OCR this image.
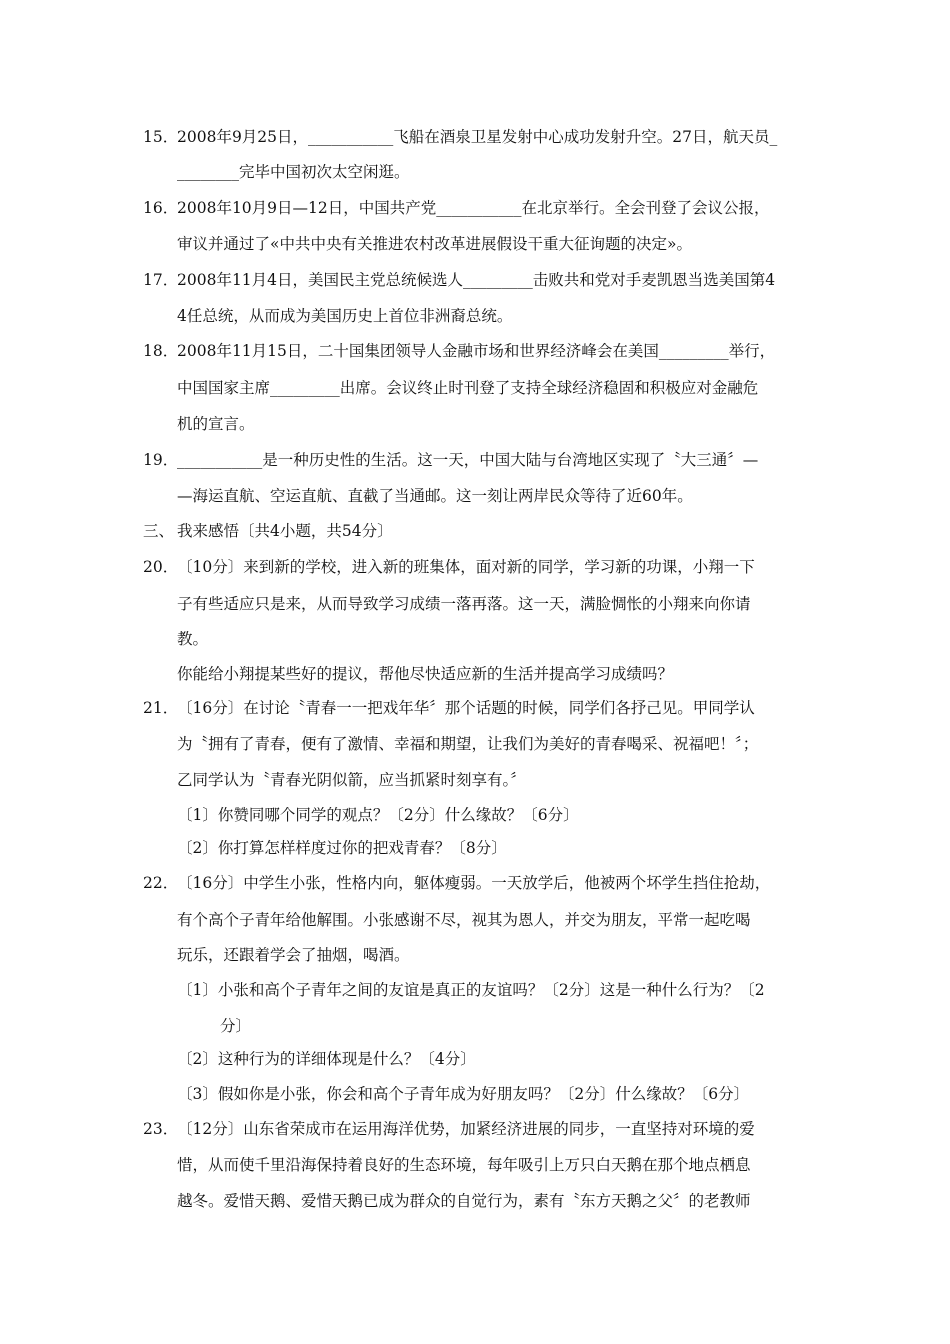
15．
2008年9月25日，___________飞船在酒泉卫星发射中心成功发射升空。27日，航天员_
________完毕中国初次太空闲逛。
16．
2008年10月9日—12日，中国共产党___________在北京举行。全会刊登了会议公报，
审议并通过了«中共中央有关推进农村改革进展假设干重大征询题的决定»。
17．
2008年11月4日，美国民主党总统候选人_________击败共和党对手麦凯恩当选美国第4
4任总统，从而成为美国历史上首位非洲裔总统。
18．
2008年11月15日，二十国集团领导人金融市场和世界经济峰会在美国_________举行，
中国国家主席_________出席。会议终止时刊登了支持全球经济稳固和积极应对金融危
机的宣言。
19．
___________是一种历史性的生活。这一天，中国大陆与台湾地区实现了〝大三通〞—
—海运直航、空运直航、直截了当通邮。这一刻让两岸民众等待了近60年。
三、 我来感悟〔共4小题，共54分〕
20．
〔10分〕来到新的学校，进入新的班集体，面对新的同学，学习新的功课，小翔一下
子有些适应只是来，从而导致学习成绩一落再落。这一天，满脸惆怅的小翔来向你请
教。
你能给小翔提某些好的提议，帮他尽快适应新的生活并提高学习成绩吗？
21．
〔16分〕在讨论〝青春一一把戏年华〞那个话题的时候，同学们各抒己见。甲同学认
为〝拥有了青春，便有了激情、幸福和期望，让我们为美好的青春喝采、祝福吧！〞；
乙同学认为〝青春光阴似箭，应当抓紧时刻享有。〞
〔1〕你赞同哪个同学的观点？〔2分〕什么缘故？〔6分〕
〔2〕你打算怎样样度过你的把戏青春？〔8分〕
22．
〔16分〕中学生小张，性格内向，躯体瘦弱。一天放学后，他被两个坏学生挡住抢劫，
有个高个子青年给他解围。小张感谢不尽，视其为恩人，并交为朋友，平常一起吃喝
玩乐，还跟着学会了抽烟，喝酒。
〔1〕小张和高个子青年之间的友谊是真正的友谊吗？〔2分〕这是一种什么行为？〔2
分〕
〔2〕这种行为的详细体现是什么？〔4分〕
〔3〕假如你是小张，你会和高个子青年成为好朋友吗？〔2分〕什么缘故？〔6分〕
23．
〔12分〕山东省荣成市在运用海洋优势，加紧经济进展的同步，一直坚持对环境的爱
惜，从而使千里沿海保持着良好的生态环境，每年吸引上万只白天鹅在那个地点栖息
越冬。爱惜天鹅、爱惜天鹅已成为群众的自觉行为，素有〝东方天鹅之父〞的老教师
